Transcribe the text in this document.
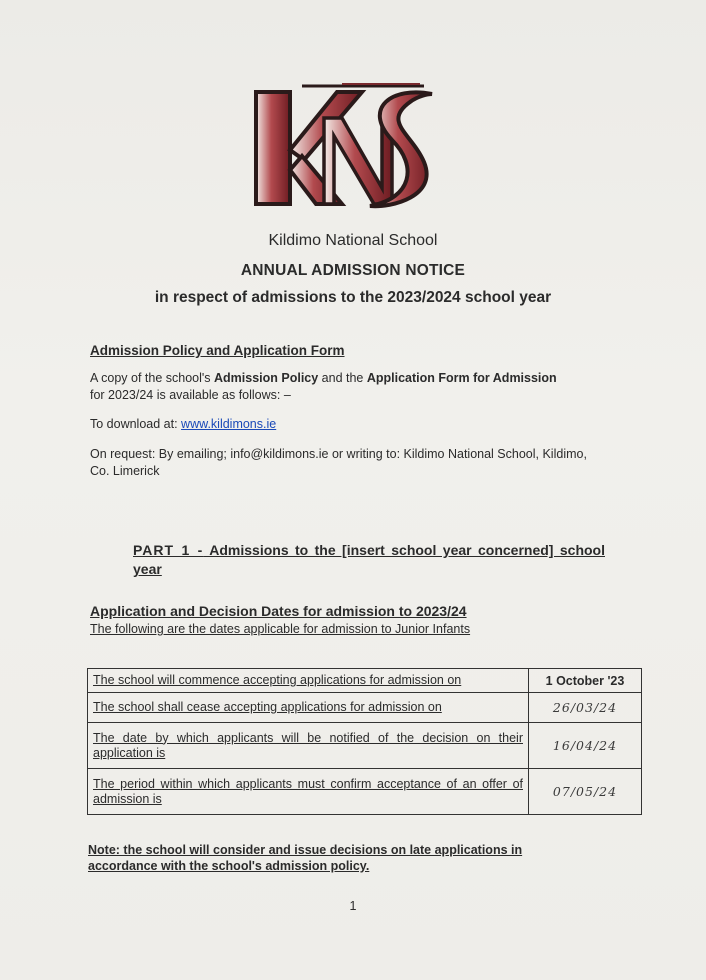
Kildimo National School
ANNUAL ADMISSION NOTICE
in respect of admissions to the 2023/2024 school year
Admission Policy and Application Form
A copy of the school's Admission Policy and the Application Form for Admission
for 2023/24 is available as follows: –
To download at: www.kildimons.ie
On request: By emailing; info@kildimons.ie or writing to: Kildimo National School, Kildimo, Co. Limerick
PART 1 - Admissions to the [insert school year concerned] school year
Application and Decision Dates for admission to 2023/24
The following are the dates applicable for admission to Junior Infants
The school will commence accepting applications for admission on	1 October '23
The school shall cease accepting applications for admission on	26/03/24
The date by which applicants will be notified of the decision on their application is	16/04/24
The period within which applicants must confirm acceptance of an offer of admission is	07/05/24
Note: the school will consider and issue decisions on late applications in accordance with the school's admission policy.
1
